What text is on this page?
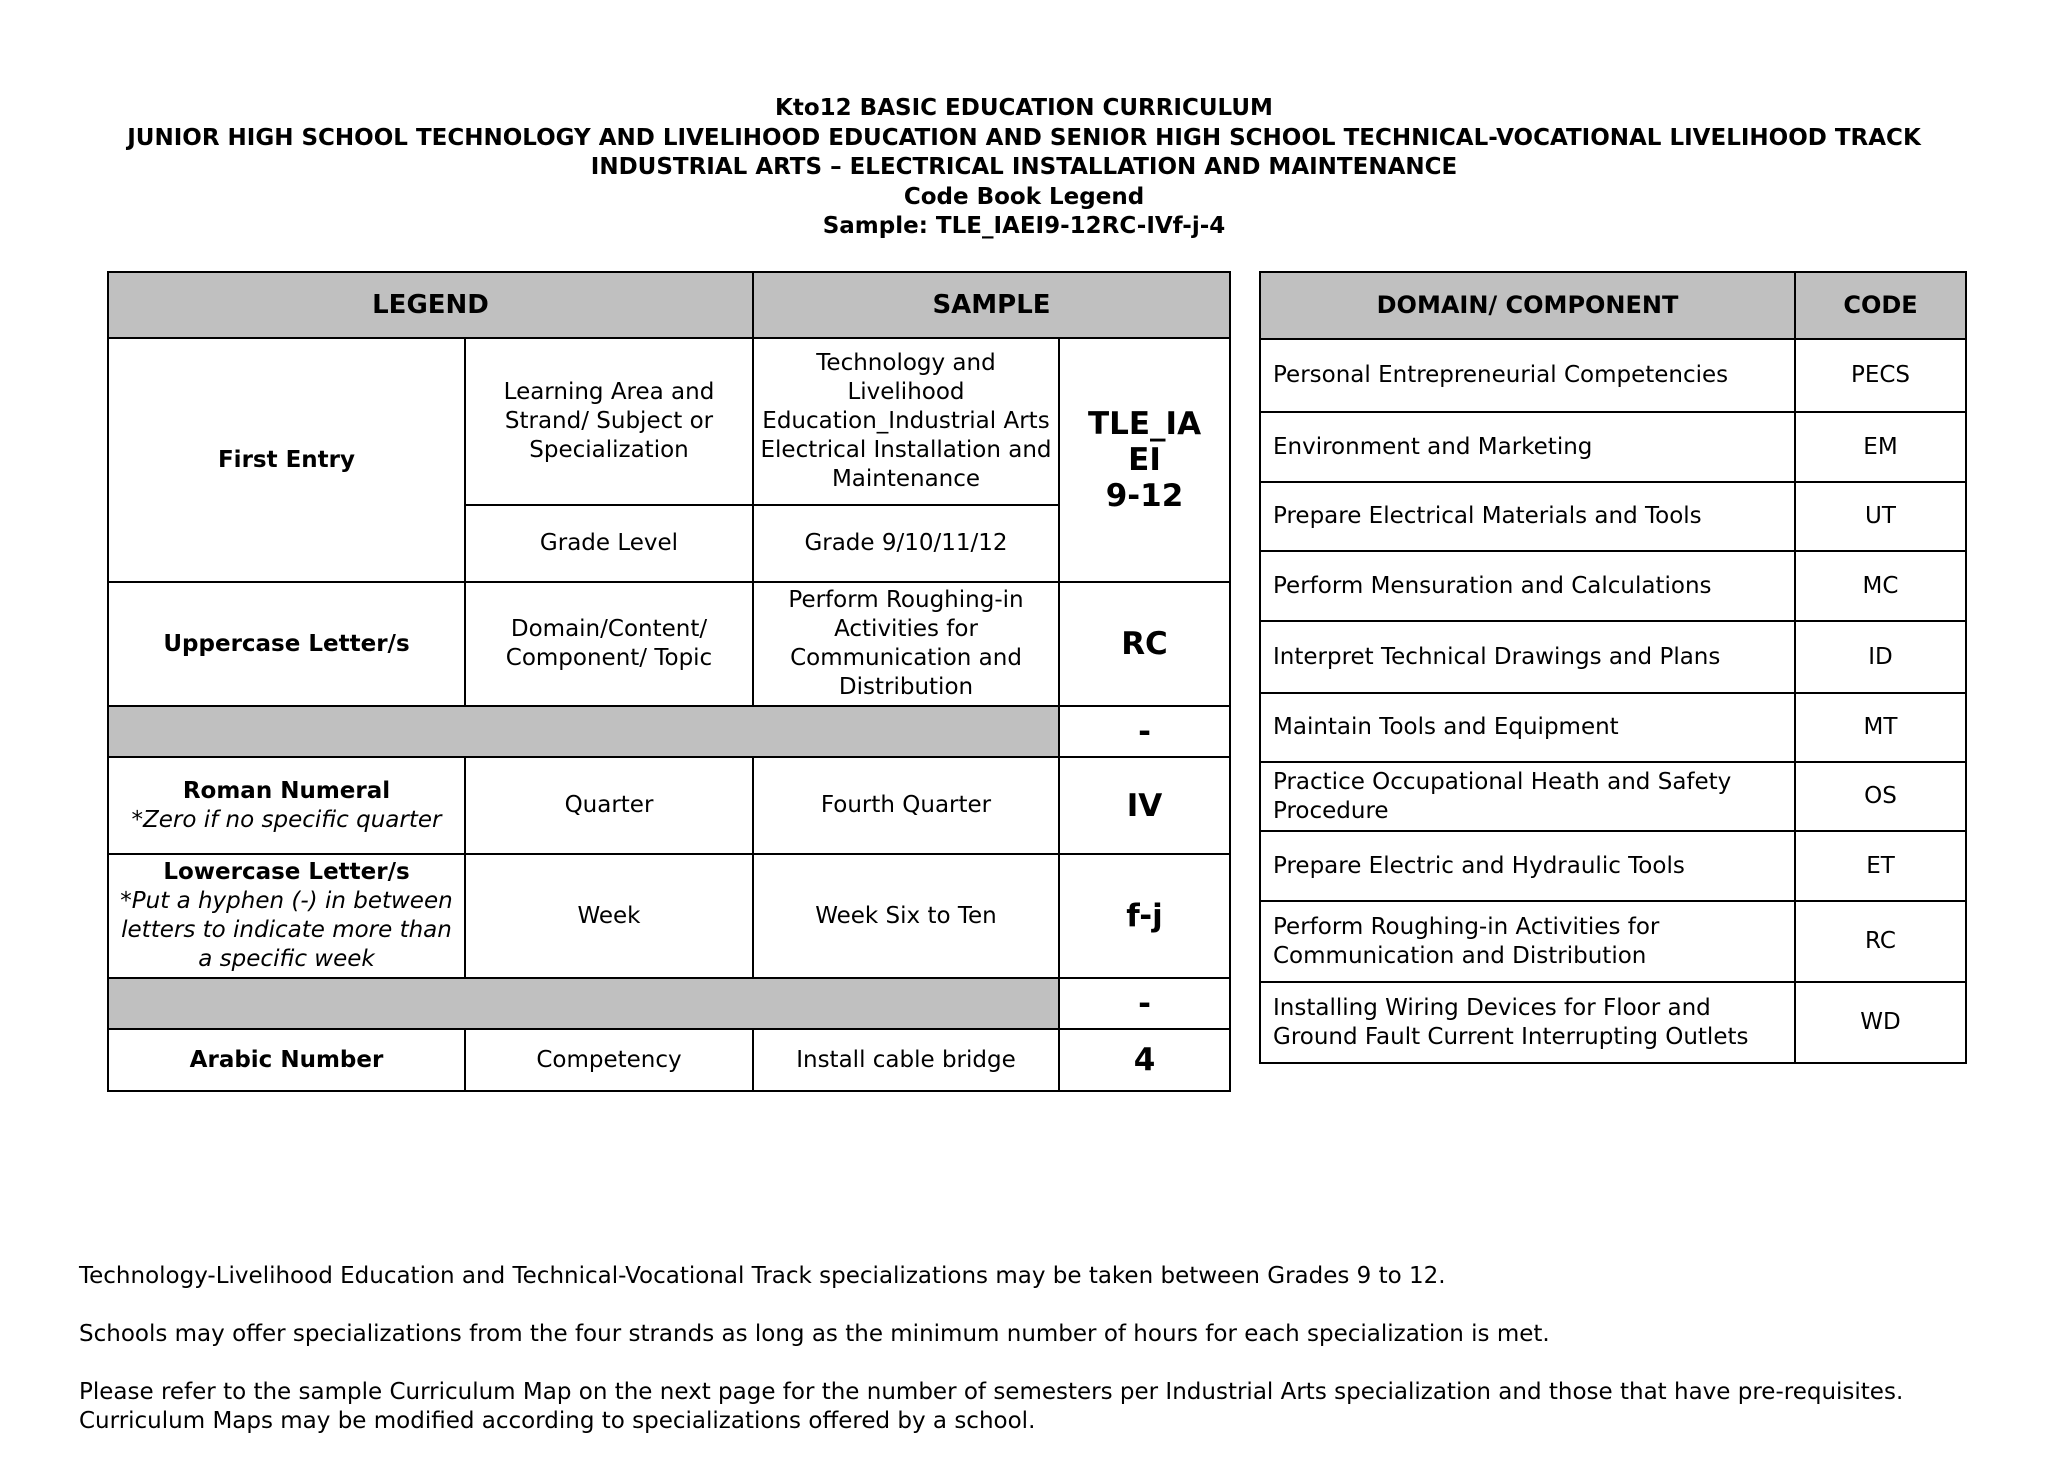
Kto12 BASIC EDUCATION CURRICULUM
JUNIOR HIGH SCHOOL TECHNOLOGY AND LIVELIHOOD EDUCATION AND SENIOR HIGH SCHOOL TECHNICAL-VOCATIONAL LIVELIHOOD TRACK
INDUSTRIAL ARTS – ELECTRICAL INSTALLATION AND MAINTENANCE
Code Book Legend
Sample: TLE_IAEI9-12RC-IVf-j-4
LEGEND		SAMPLE	
First Entry	Learning Area and Strand/ Subject or Specialization	Technology and Livelihood Education_Industrial Arts Electrical Installation and Maintenance	TLE_IA
EI
9-12

	Grade Level	Grade 9/10/11/12	
Uppercase Letter/s	Domain/Content/ Component/ Topic	Perform Roughing-in Activities for Communication and Distribution	RC
			-
Roman Numeral
*Zero if no specific quarter	Quarter	Fourth Quarter	IV
Lowercase Letter/s
*Put a hyphen (-) in between letters to indicate more than a specific week	Week	Week Six to Ten	f-j
			-
Arabic Number	Competency	Install cable bridge	4
DOMAIN/ COMPONENT	CODE
Personal Entrepreneurial Competencies	PECS
Environment and Marketing	EM
Prepare Electrical Materials and Tools	UT
Perform Mensuration and Calculations	MC
Interpret Technical Drawings and Plans	ID
Maintain Tools and Equipment	MT
Practice Occupational Heath and Safety Procedure	OS
Prepare Electric and Hydraulic Tools	ET
Perform Roughing-in Activities for Communication and Distribution	RC
Installing Wiring Devices for Floor and Ground Fault Current Interrupting Outlets	WD

Technology-Livelihood Education and Technical-Vocational Track specializations may be taken between Grades 9 to 12.

Schools may offer specializations from the four strands as long as the minimum number of hours for each specialization is met.

Please refer to the sample Curriculum Map on the next page for the number of semesters per Industrial Arts specialization and those that have pre-requisites. Curriculum Maps may be modified according to specializations offered by a school.
